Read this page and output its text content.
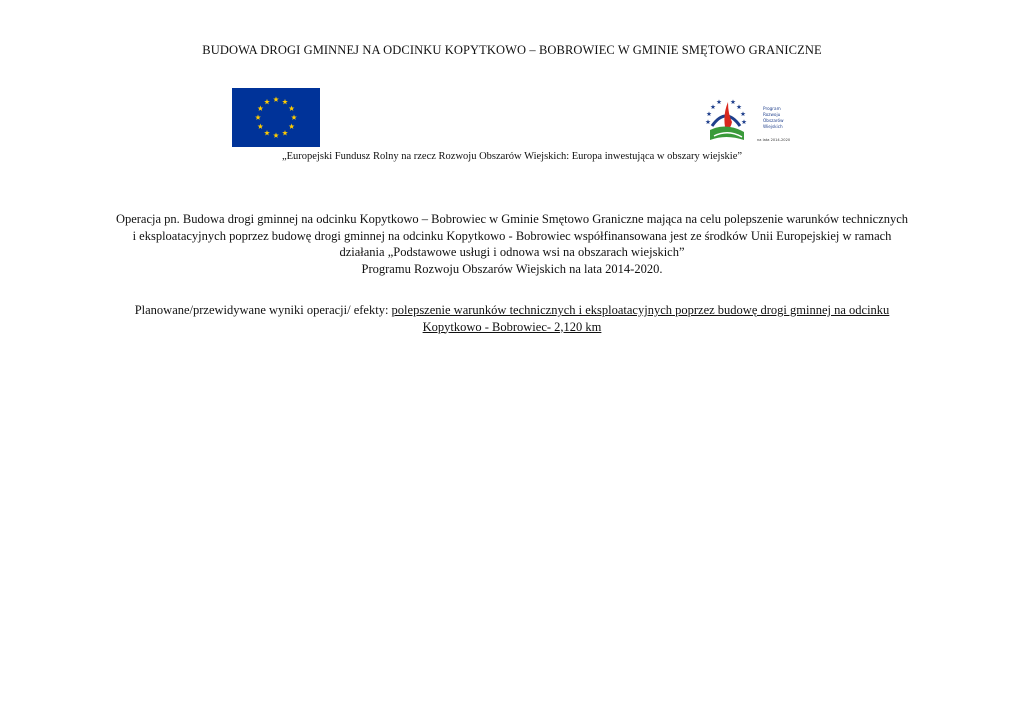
BUDOWA DROGI GMINNEJ NA ODCINKU KOPYTKOWO – BOBROWIEC W GMINIE SMĘTOWO GRANICZNE
Program
Rozwoju
Obszarów
Wiejskich
na lata 2014-2020
„Europejski Fundusz Rolny na rzecz Rozwoju Obszarów Wiejskich: Europa inwestująca w obszary wiejskie”

Operacja pn. Budowa drogi gminnej na odcinku Kopytkowo – Bobrowiec w Gminie Smętowo Graniczne mająca na celu polepszenie warunków technicznych

i eksploatacyjnych poprzez budowę drogi gminnej na odcinku Kopytkowo - Bobrowiec współfinansowana jest ze środków Unii Europejskiej w ramach

działania „Podstawowe usługi i odnowa wsi na obszarach wiejskich”

Programu Rozwoju Obszarów Wiejskich na lata 2014-2020.

Planowane/przewidywane wyniki operacji/ efekty: polepszenie warunków technicznych i eksploatacyjnych poprzez budowę drogi gminnej na odcinku
Kopytkowo - Bobrowiec- 2,120 km
